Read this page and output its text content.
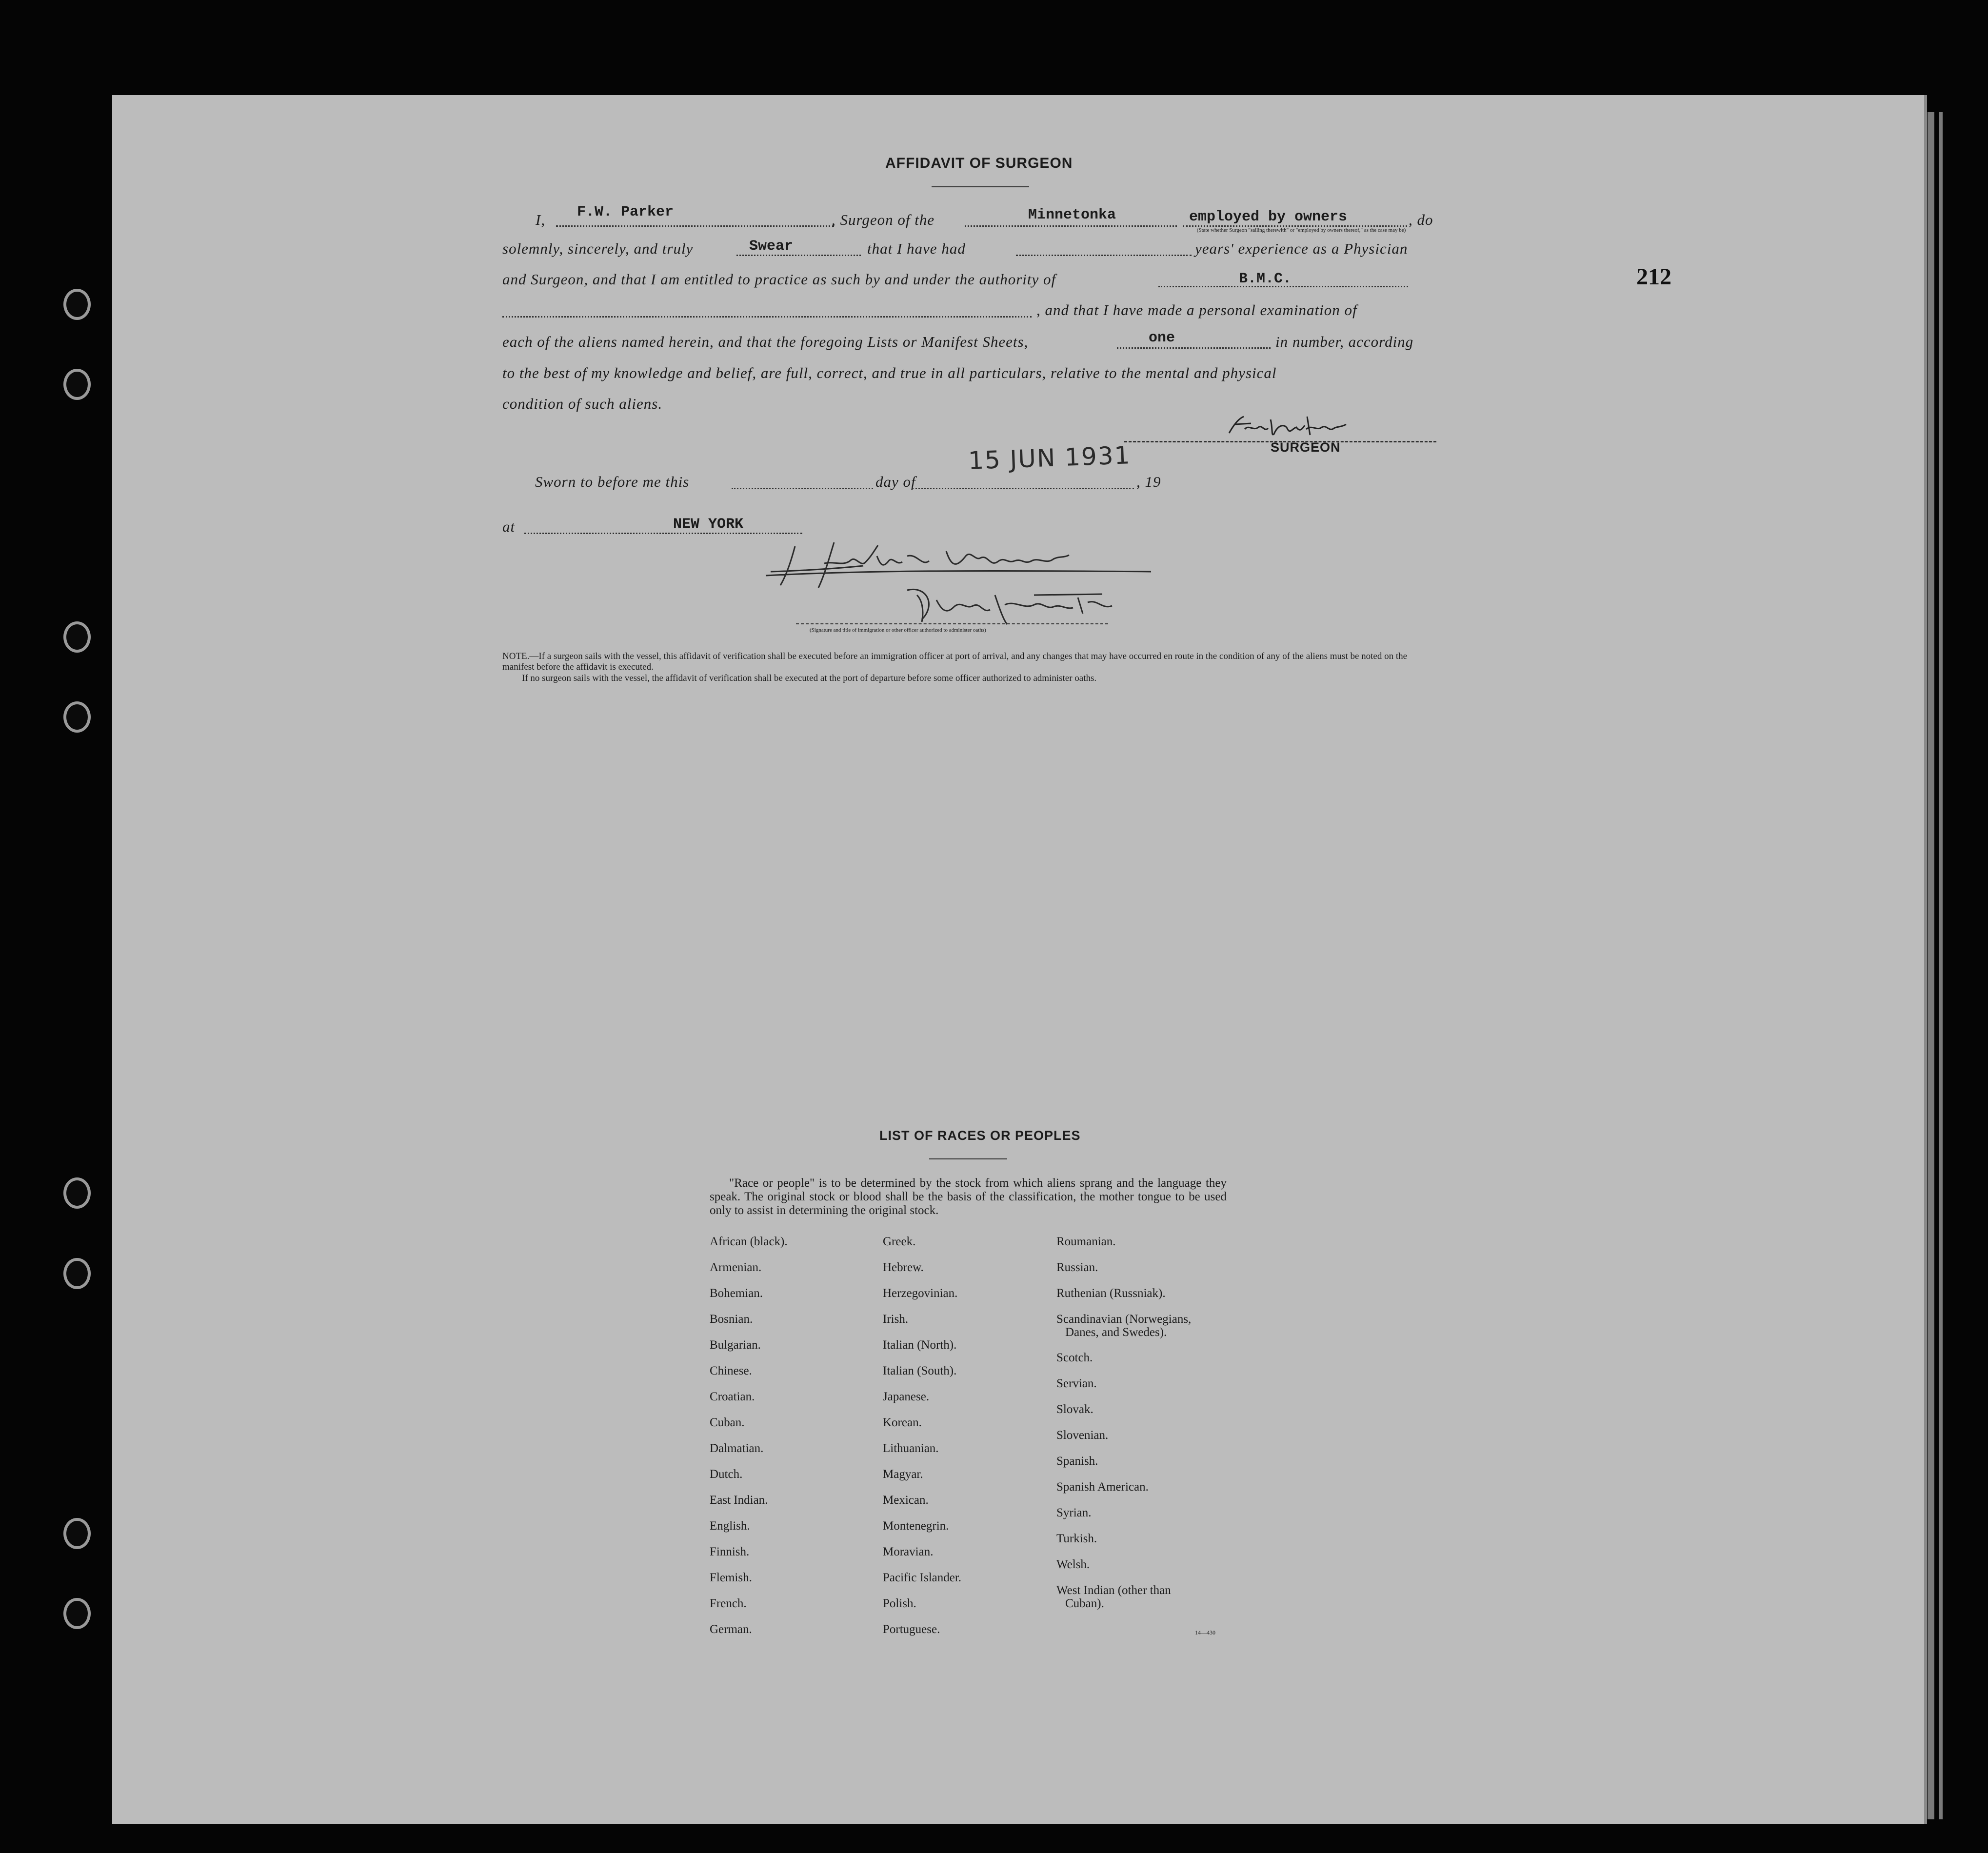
212
AFFIDAVIT OF SURGEON
I, F.W. Parker	, Surgeon of the	Minnetonka	employed by owners	, do
(State whether Surgeon "sailing therewith" or "employed by owners thereof," as the case may be)
solemnly, sincerely, and truly	Swear	that I have had	years' experience as a Physician
and Surgeon, and that I am entitled to practice as such by and under the authority of	B.M.C.
, and that I have made a personal examination of
each of the aliens named herein, and that the foregoing Lists or Manifest Sheets,	one	in number, according
to the best of my knowledge and belief, are full, correct, and true in all particulars, relative to the mental and physical
condition of such aliens.
SURGEON
Sworn to before me this	day of
15 JUN 1931
, 19
at	NEW YORK
(Signature and title of immigration or other officer authorized to administer oaths)
NOTE.—If a surgeon sails with the vessel, this affidavit of verification shall be executed before an immigration officer at port of arrival, and any changes that may have occurred en route in the condition of any of the aliens must be noted on the manifest before the affidavit is executed.
If no surgeon sails with the vessel, the affidavit of verification shall be executed at the port of departure before some officer authorized to administer oaths.
LIST OF RACES OR PEOPLES
"Race or people" is to be determined by the stock from which aliens sprang and the language they speak. The original stock or blood shall be the basis of the classification, the mother tongue to be used only to assist in determining the original stock.
African (black).
Armenian.
Bohemian.
Bosnian.
Bulgarian.
Chinese.
Croatian.
Cuban.
Dalmatian.
Dutch.
East Indian.
English.
Finnish.
Flemish.
French.
German.
Greek.
Hebrew.
Herzegovinian.
Irish.
Italian (North).
Italian (South).
Japanese.
Korean.
Lithuanian.
Magyar.
Mexican.
Montenegrin.
Moravian.
Pacific Islander.
Polish.
Portuguese.
Roumanian.
Russian.
Ruthenian (Russniak).
Scandinavian (Norwegians,
Danes, and Swedes).
Scotch.
Servian.
Slovak.
Slovenian.
Spanish.
Spanish American.
Syrian.
Turkish.
Welsh.
West Indian (other than
Cuban).
14—430
